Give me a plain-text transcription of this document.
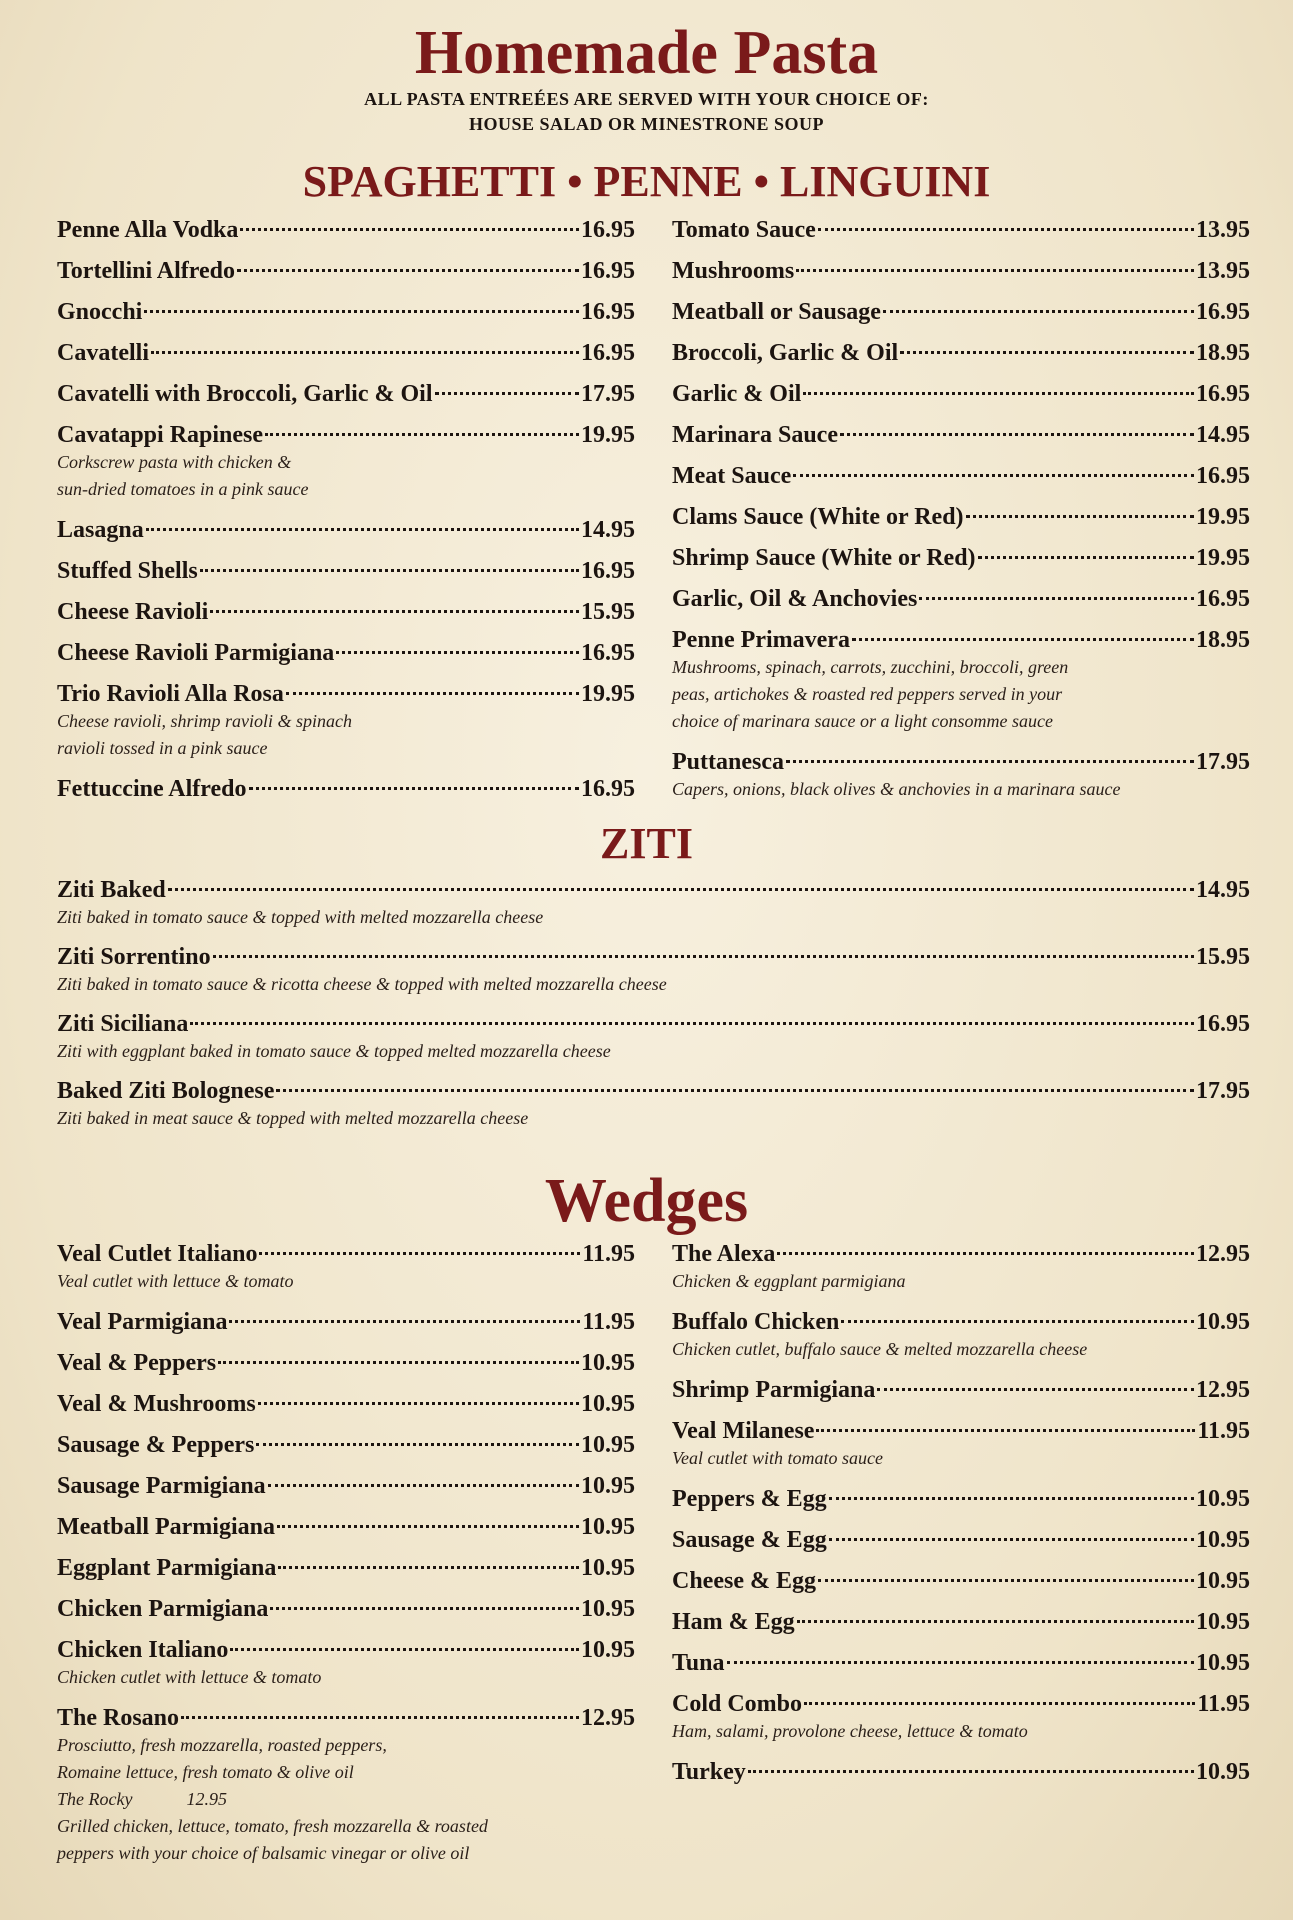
Homemade Pasta
ALL PASTA ENTREÉES ARE SERVED WITH YOUR CHOICE OF:
HOUSE SALAD OR MINESTRONE SOUP
SPAGHETTI • PENNE • LINGUINI
Penne Alla Vodka	16.95
Tortellini Alfredo	16.95
Gnocchi	16.95
Cavatelli	16.95
Cavatelli with Broccoli, Garlic & Oil	17.95
Cavatappi Rapinese	19.95
Corkscrew pasta with chicken &
sun-dried tomatoes in a pink sauce
Lasagna	14.95
Stuffed Shells	16.95
Cheese Ravioli	15.95
Cheese Ravioli Parmigiana	16.95
Trio Ravioli Alla Rosa	19.95
Cheese ravioli, shrimp ravioli & spinach
ravioli tossed in a pink sauce
Fettuccine Alfredo	16.95
Tomato Sauce	13.95
Mushrooms	13.95
Meatball or Sausage	16.95
Broccoli, Garlic & Oil	18.95
Garlic & Oil	16.95
Marinara Sauce	14.95
Meat Sauce	16.95
Clams Sauce (White or Red)	19.95
Shrimp Sauce (White or Red)	19.95
Garlic, Oil & Anchovies	16.95
Penne Primavera	18.95
Mushrooms, spinach, carrots, zucchini, broccoli, green
peas, artichokes & roasted red peppers served in your
choice of marinara sauce or a light consomme sauce
Puttanesca	17.95
Capers, onions, black olives & anchovies in a marinara sauce
ZITI
Ziti Baked	14.95
Ziti baked in tomato sauce & topped with melted mozzarella cheese
Ziti Sorrentino	15.95
Ziti baked in tomato sauce & ricotta cheese & topped with melted mozzarella cheese
Ziti Siciliana	16.95
Ziti with eggplant baked in tomato sauce & topped melted mozzarella cheese
Baked Ziti Bolognese	17.95
Ziti baked in meat sauce & topped with melted mozzarella cheese
Wedges
Veal Cutlet Italiano	11.95
Veal cutlet with lettuce & tomato
Veal Parmigiana	11.95
Veal & Peppers	10.95
Veal & Mushrooms	10.95
Sausage & Peppers	10.95
Sausage Parmigiana	10.95
Meatball Parmigiana	10.95
Eggplant Parmigiana	10.95
Chicken Parmigiana	10.95
Chicken Italiano	10.95
Chicken cutlet with lettuce & tomato
The Rosano	12.95
Prosciutto, fresh mozzarella, roasted peppers,
Romaine lettuce, fresh tomato & olive oil
The Rocky            12.95
Grilled chicken, lettuce, tomato, fresh mozzarella & roasted
peppers with your choice of balsamic vinegar or olive oil
The Alexa	12.95
Chicken & eggplant parmigiana
Buffalo Chicken	10.95
Chicken cutlet, buffalo sauce & melted mozzarella cheese
Shrimp Parmigiana	12.95
Veal Milanese	11.95
Veal cutlet with tomato sauce
Peppers & Egg	10.95
Sausage & Egg	10.95
Cheese & Egg	10.95
Ham & Egg	10.95
Tuna	10.95
Cold Combo	11.95
Ham, salami, provolone cheese, lettuce & tomato
Turkey	10.95
